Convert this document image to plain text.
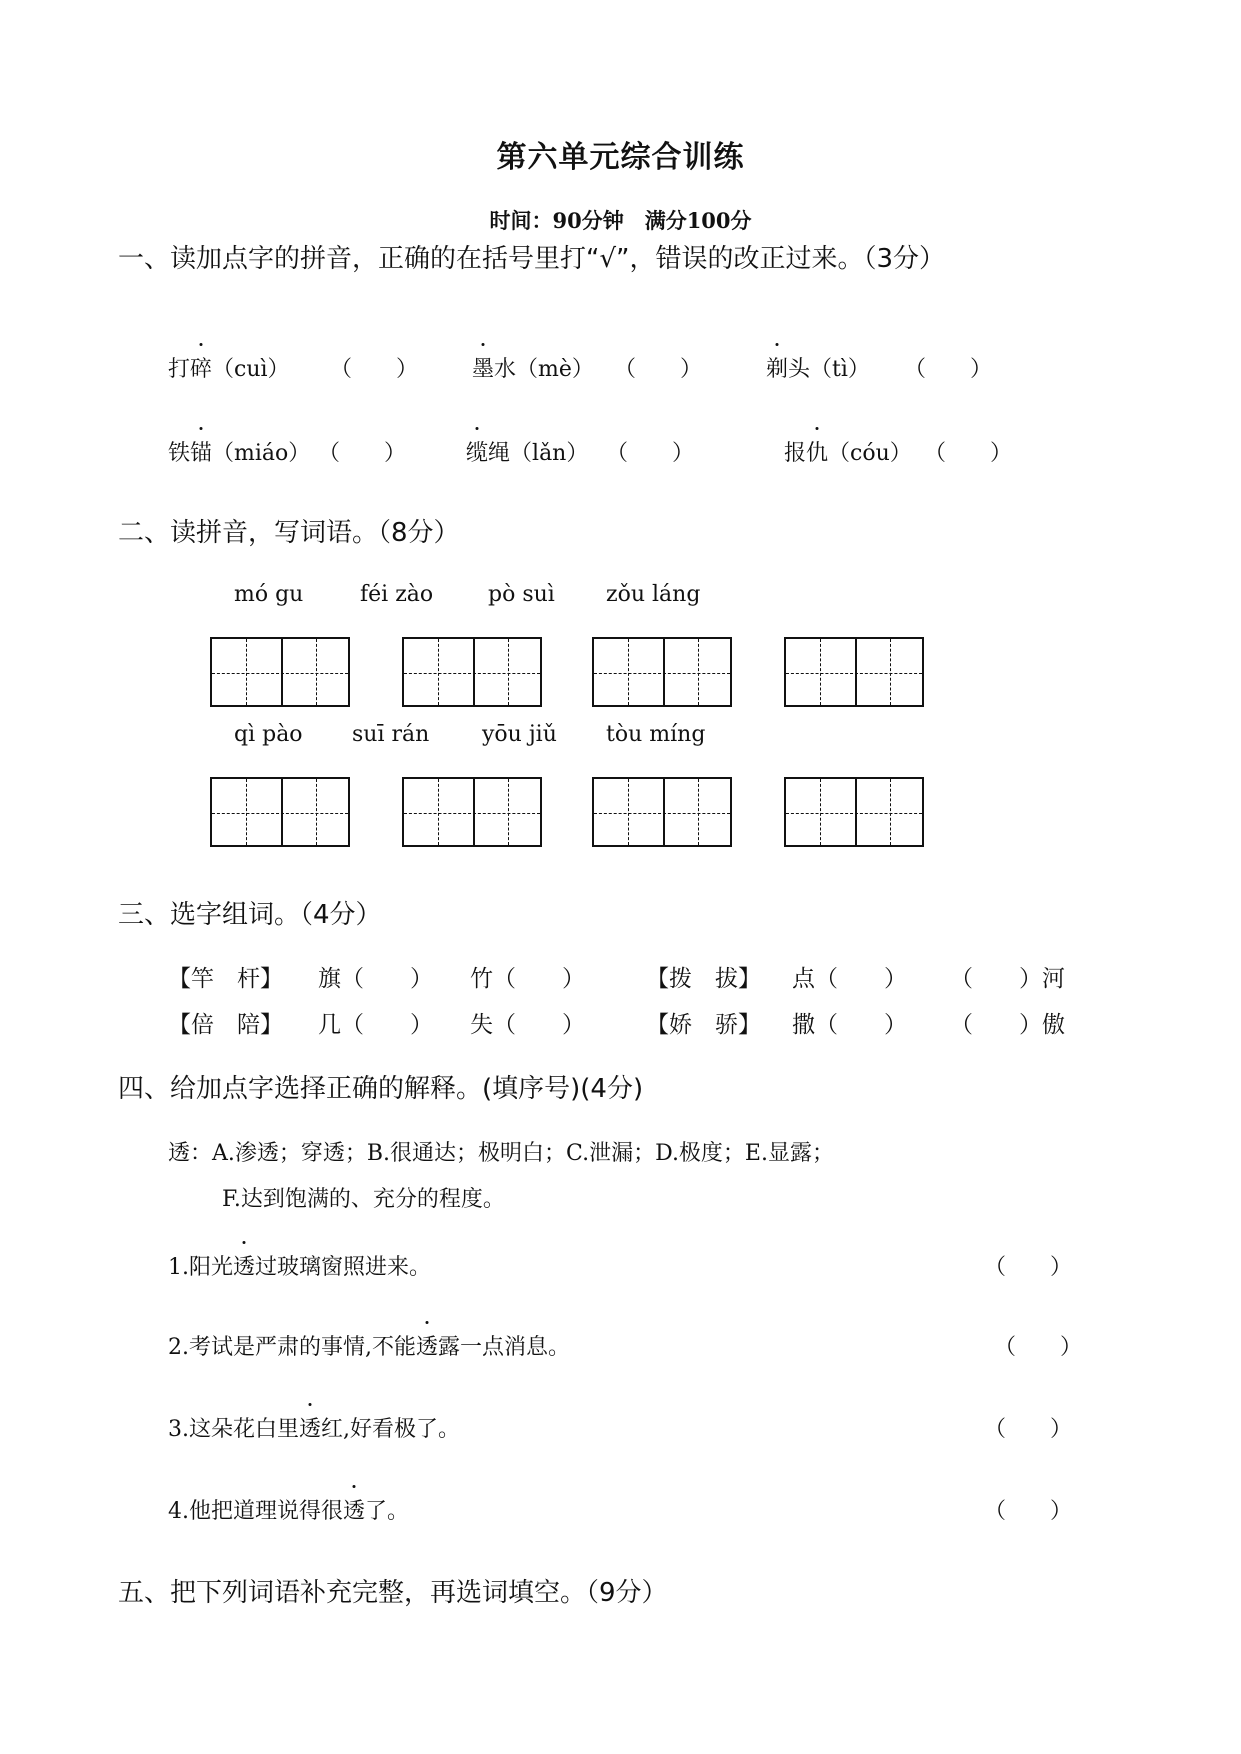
第六单元综合训练
时间：90分钟　满分100分
一、读加点字的拼音，正确的在括号里打“√”，错误的改正过来。（3分）
打碎（cuì） （　　） 墨水（mè） （　　）	剃头（tì） （　　）
铁锚（miáo） （　　）	缆绳（lǎn） （　　）	报仇（cóu） （　　）
二、读拼音，写词语。（8分）
mó gu	féi zào pò suì zǒu láng
qì pào suī rán yōu jiǔ tòu míng
三、选字组词。（4分）
【竿　杆】 旗（　　） 竹（　　）	【拨　拔】 点（　　） （　　）河
【倍　陪】 几（　　） 失（　　）	【娇　骄】 撒（　　） （　　）傲
四、给加点字选择正确的解释。(填序号)(4分)
透：A.渗透；穿透；B.很通达；极明白；C.泄漏；D.极度；E.显露；
F.达到饱满的、充分的程度。
1.阳光透过玻璃窗照进来。	（　　）
2.考试是严肃的事情,不能透露一点消息。	（　　）
3.这朵花白里透红,好看极了。	（　　）
4.他把道理说得很透了。	（　　）
五、把下列词语补充完整，再选词填空。（9分）
